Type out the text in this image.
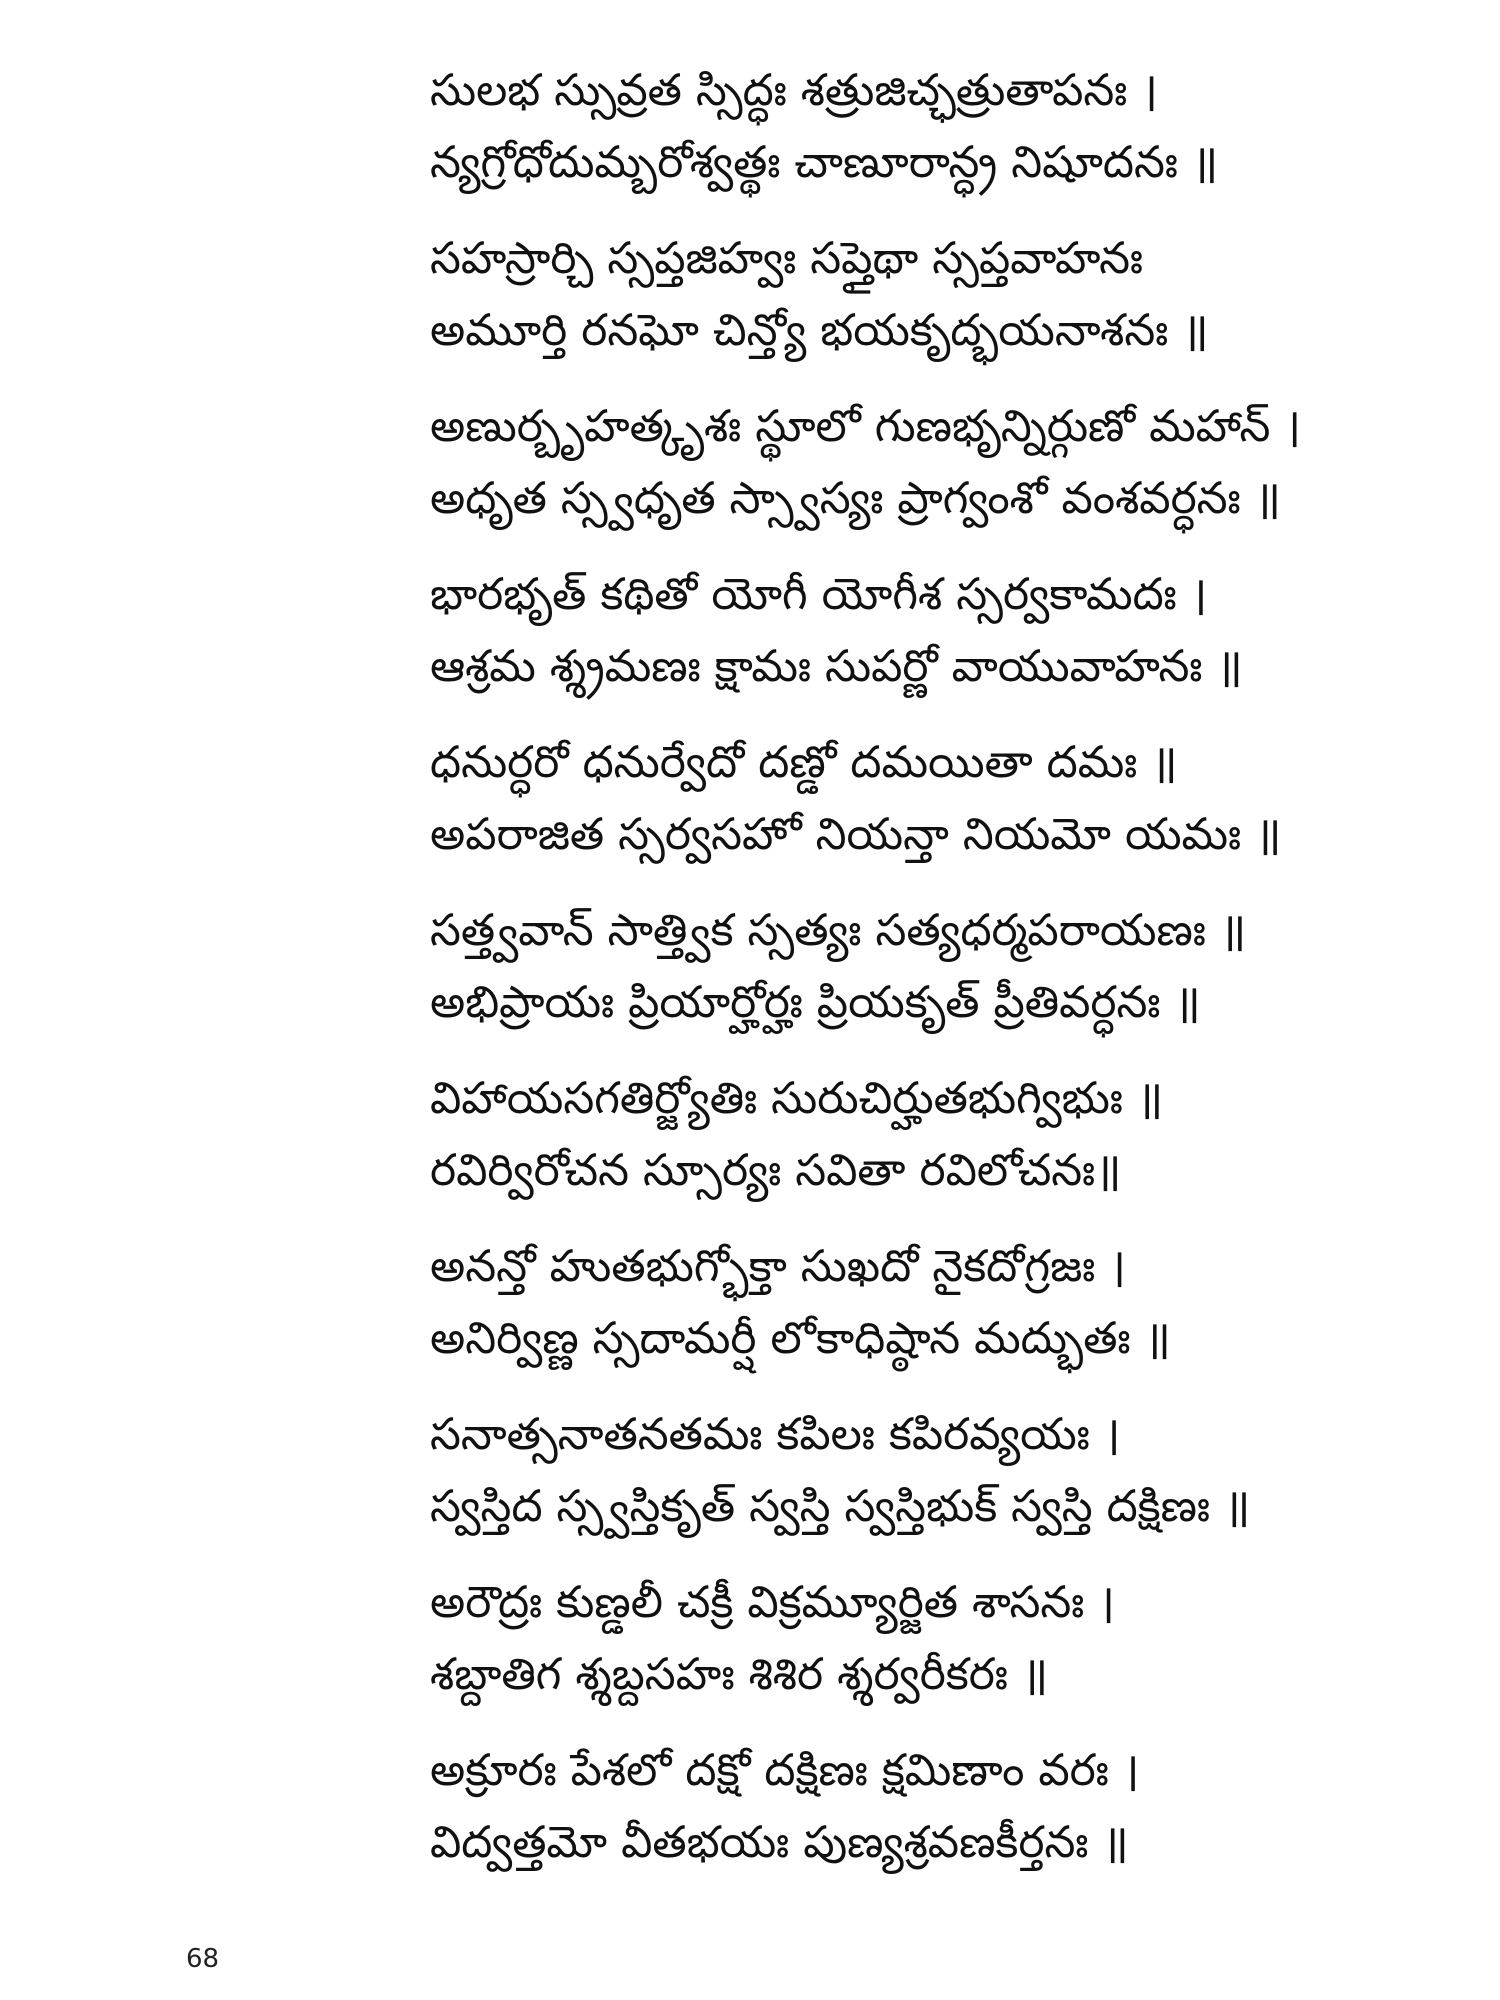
సులభ స్సువ్రత స్సిద్ధః శత్రుజిచ్ఛత్రుతాపనః ।
న్యగ్రోధోదుమ్బరోశ్వత్థః చాణూరాన్ధ్ర నిషూదనః ॥
సహస్రార్చి స్సప్తజిహ్వః సప్తైథా స్సప్తవాహనః
అమూర్తి రనఘో చిన్త్యో భయకృద్భయనాశనః ॥
అణుర్బృహత్కృశః స్థూలో గుణభృన్నిర్గుణో మహాన్ ।
అధృత స్స్వధృత స్స్వాస్యః ప్రాగ్వంశో వంశవర్ధనః ॥
భారభృత్ కథితో యోగీ యోగీశ స్సర్వకామదః ।
ఆశ్రమ శ్శ్రమణః క్షామః సుపర్ణో వాయువాహనః ॥
ధనుర్ధరో ధనుర్వేదో దణ్డో దమయితా దమః ॥
అపరాజిత స్సర్వసహో నియన్తా నియమో యమః ॥
సత్త్వవాన్ సాత్త్విక స్సత్యః సత్యధర్మపరాయణః ॥
అభిప్రాయః ప్రియార్హోర్హః ప్రియకృత్ ప్రీతివర్ధనః ॥
విహాయసగతిర్జ్యోతిః సురుచిర్హుతభుగ్విభుః ॥
రవిర్విరోచన స్సూర్యః సవితా రవిలోచనః॥
అనన్తో హుతభుగ్భోక్తా సుఖదో నైకదోగ్రజః ।
అనిర్విణ్ణ స్సదామర్షీ లోకాధిష్ఠాన మద్భుతః ॥
సనాత్సనాతనతమః కపిలః కపిరవ్యయః ।
స్వస్తిద స్స్వస్తికృత్ స్వస్తి స్వస్తిభుక్ స్వస్తి దక్షిణః ॥
అరౌద్రః కుణ్డలీ చక్రీ విక్రమ్యూర్జిత శాసనః ।
శబ్దాతిగ శ్శబ్దసహః శిశిర శ్శర్వరీకరః ॥
అక్రూరః పేశలో దక్షో దక్షిణః క్షమిణాం వరః ।
విద్వత్తమో వీతభయః పుణ్యశ్రవణకీర్తనః ॥
68
